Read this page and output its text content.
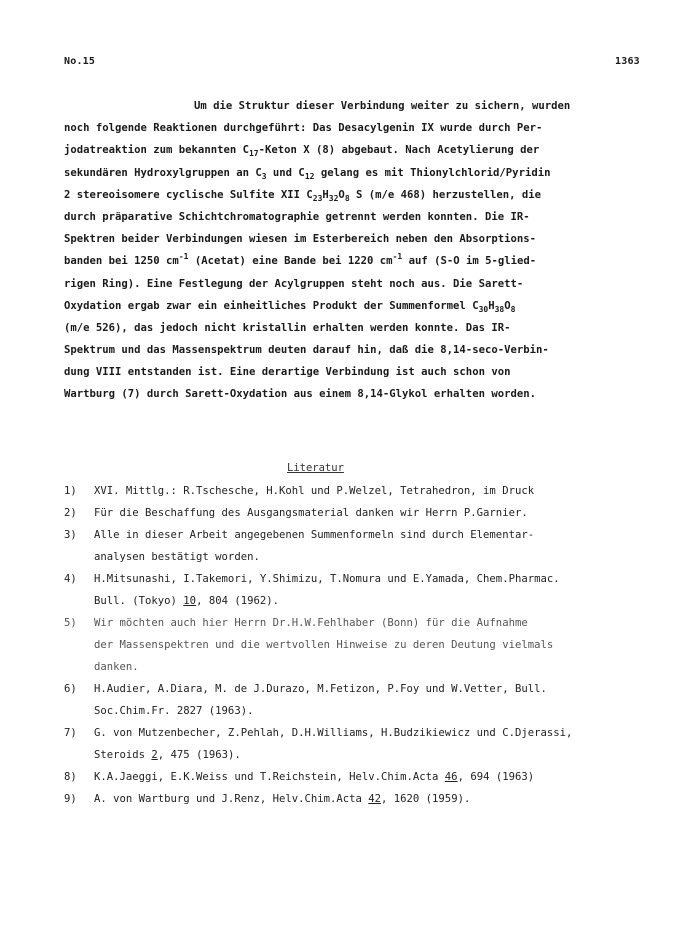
No.15	1363
Um die Struktur dieser Verbindung weiter zu sichern, wurden
noch folgende Reaktionen durchgeführt: Das Desacylgenin IX wurde durch Per-
jodatreaktion zum bekannten $C_{17}$-Keton X (8) abgebaut. Nach Acetylierung der
sekundären Hydroxylgruppen an $C_3$ und $C_{12}$ gelang es mit Thionylchlorid/Pyridin
2 stereoisomere cyclische Sulfite XII $C_{23}H_{32}O_8$ S (m/e 468) herzustellen, die
durch präparative Schichtchromatographie getrennt werden konnten. Die IR-
Spektren beider Verbindungen wiesen im Esterbereich neben den Absorptions-
banden bei 1250 $cm^{-1}$ (Acetat) eine Bande bei 1220 $cm^{-1}$ auf (S-O im 5-glied-
rigen Ring). Eine Festlegung der Acylgruppen steht noch aus. Die Sarett-
Oxydation ergab zwar ein einheitliches Produkt der Summenformel $C_{30}H_{38}O_8$
(m/e 526), das jedoch nicht kristallin erhalten werden konnte. Das IR-
Spektrum und das Massenspektrum deuten darauf hin, daß die 8,14-seco-Verbin-
dung VIII entstanden ist. Eine derartige Verbindung ist auch schon von
Wartburg (7) durch Sarett-Oxydation aus einem 8,14-Glykol erhalten worden.
Literatur
1)	XVI. Mittlg.: R.Tschesche, H.Kohl und P.Welzel, Tetrahedron, im Druck
2)	Für die Beschaffung des Ausgangsmaterial danken wir Herrn P.Garnier.
3)	Alle in dieser Arbeit angegebenen Summenformeln sind durch Elementar-
analysen bestätigt worden.
4)	H.Mitsunashi, I.Takemori, Y.Shimizu, T.Nomura und E.Yamada, Chem.Pharmac.
Bull. (Tokyo) 10, 804 (1962).
5)	Wir möchten auch hier Herrn Dr.H.W.Fehlhaber (Bonn) für die Aufnahme
der Massenspektren und die wertvollen Hinweise zu deren Deutung vielmals
danken.
6)	H.Audier, A.Diara, M. de J.Durazo, M.Fetizon, P.Foy und W.Vetter, Bull.
Soc.Chim.Fr. 2827 (1963).
7)	G. von Mutzenbecher, Z.Pehlah, D.H.Williams, H.Budzikiewicz und C.Djerassi,
Steroids 2, 475 (1963).
8)	K.A.Jaeggi, E.K.Weiss und T.Reichstein, Helv.Chim.Acta 46, 694 (1963)
9)	A. von Wartburg und J.Renz, Helv.Chim.Acta 42, 1620 (1959).
